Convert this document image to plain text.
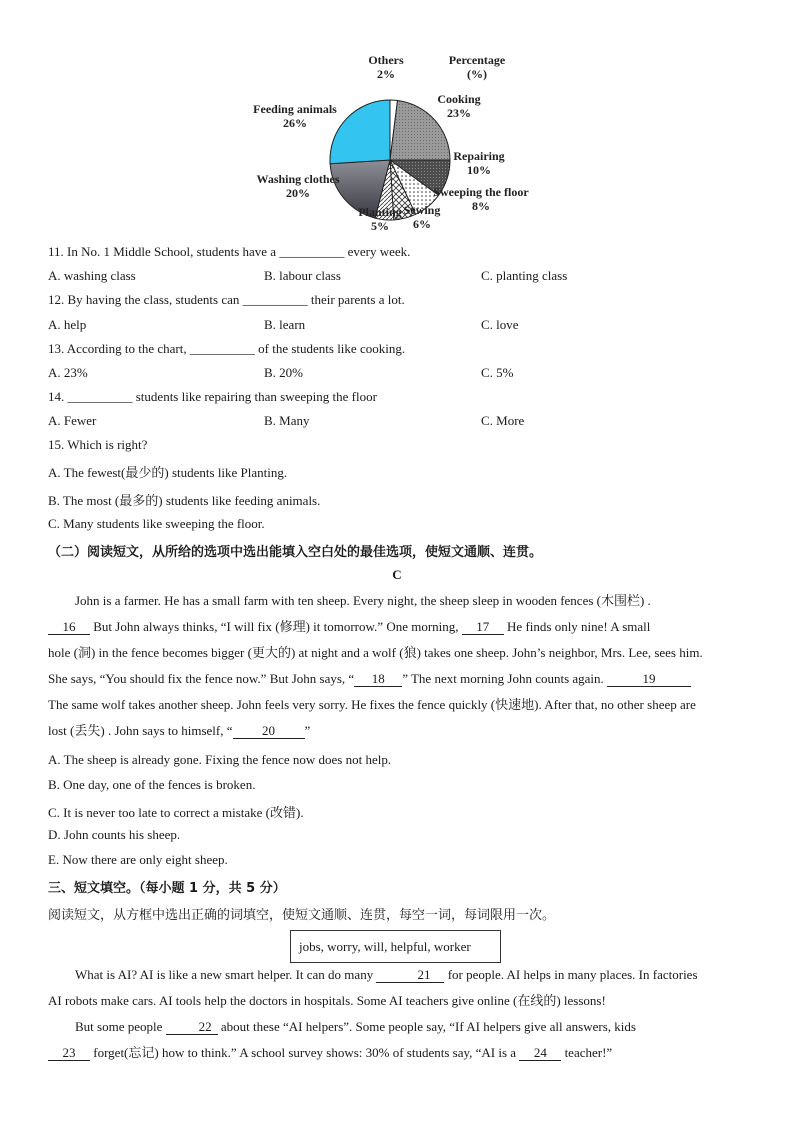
Percentage
(%)
Others
2%
Cooking
23%
Repairing
10%
Sweeping the floor
8%
Sewing
6%
Planting
5%
Washing clothes
20%
Feeding animals
26%
11. In No. 1 Middle School, students have a __________ every week.
A. washing class	B. labour class	C. planting class
12. By having the class, students can __________ their parents a lot.
A. help	B. learn	C. love
13. According to the chart, __________ of the students like cooking.
A. 23%	B. 20%	C. 5%
14. __________ students like repairing than sweeping the floor
A. Fewer	B. Many	C. More
15. Which is right?
A. The fewest(最少的) students like Planting.
B. The most (最多的) students like feeding animals.
C. Many students like sweeping the floor.
（二）阅读短文，从所给的选项中选出能填入空白处的最佳选项，使短文通顺、连贯。
C
John is a farmer. He has a small farm with ten sheep. Every night, the sheep sleep in wooden fences (木围栏) .
16 But John always thinks, “I will fix (修理) it tomorrow.” One morning, 17 He finds only nine! A small
hole (洞) in the fence becomes bigger (更大的) at night and a wolf (狼) takes one sheep. John’s neighbor, Mrs. Lee, sees him.
She says, “You should fix the fence now.” But John says, “ 18 ” The next morning John counts again.	19
The same wolf takes another sheep. John feels very sorry. He fixes the fence quickly (快速地). After that, no other sheep are
lost (丢失) . John says to himself, “ 20 ”
A. The sheep is already gone. Fixing the fence now does not help.
B. One day, one of the fences is broken.
C. It is never too late to correct a mistake (改错).
D. John counts his sheep.
E. Now there are only eight sheep.
三、短文填空。（每小题 1 分，共 5 分）
阅读短文，从方框中选出正确的词填空，使短文通顺、连贯，每空一词，每词限用一次。
jobs, worry, will, helpful, worker
What is AI? AI is like a new smart helper. It can do many	21 for people. AI helps in many places. In factories
AI robots make cars. AI tools help the doctors in hospitals. Some AI teachers give online (在线的) lessons!
But some people	22 about these “AI helpers”. Some people say, “If AI helpers give all answers, kids
23 forget(忘记) how to think.” A school survey shows: 30% of students say, “AI is a 24 teacher!”
